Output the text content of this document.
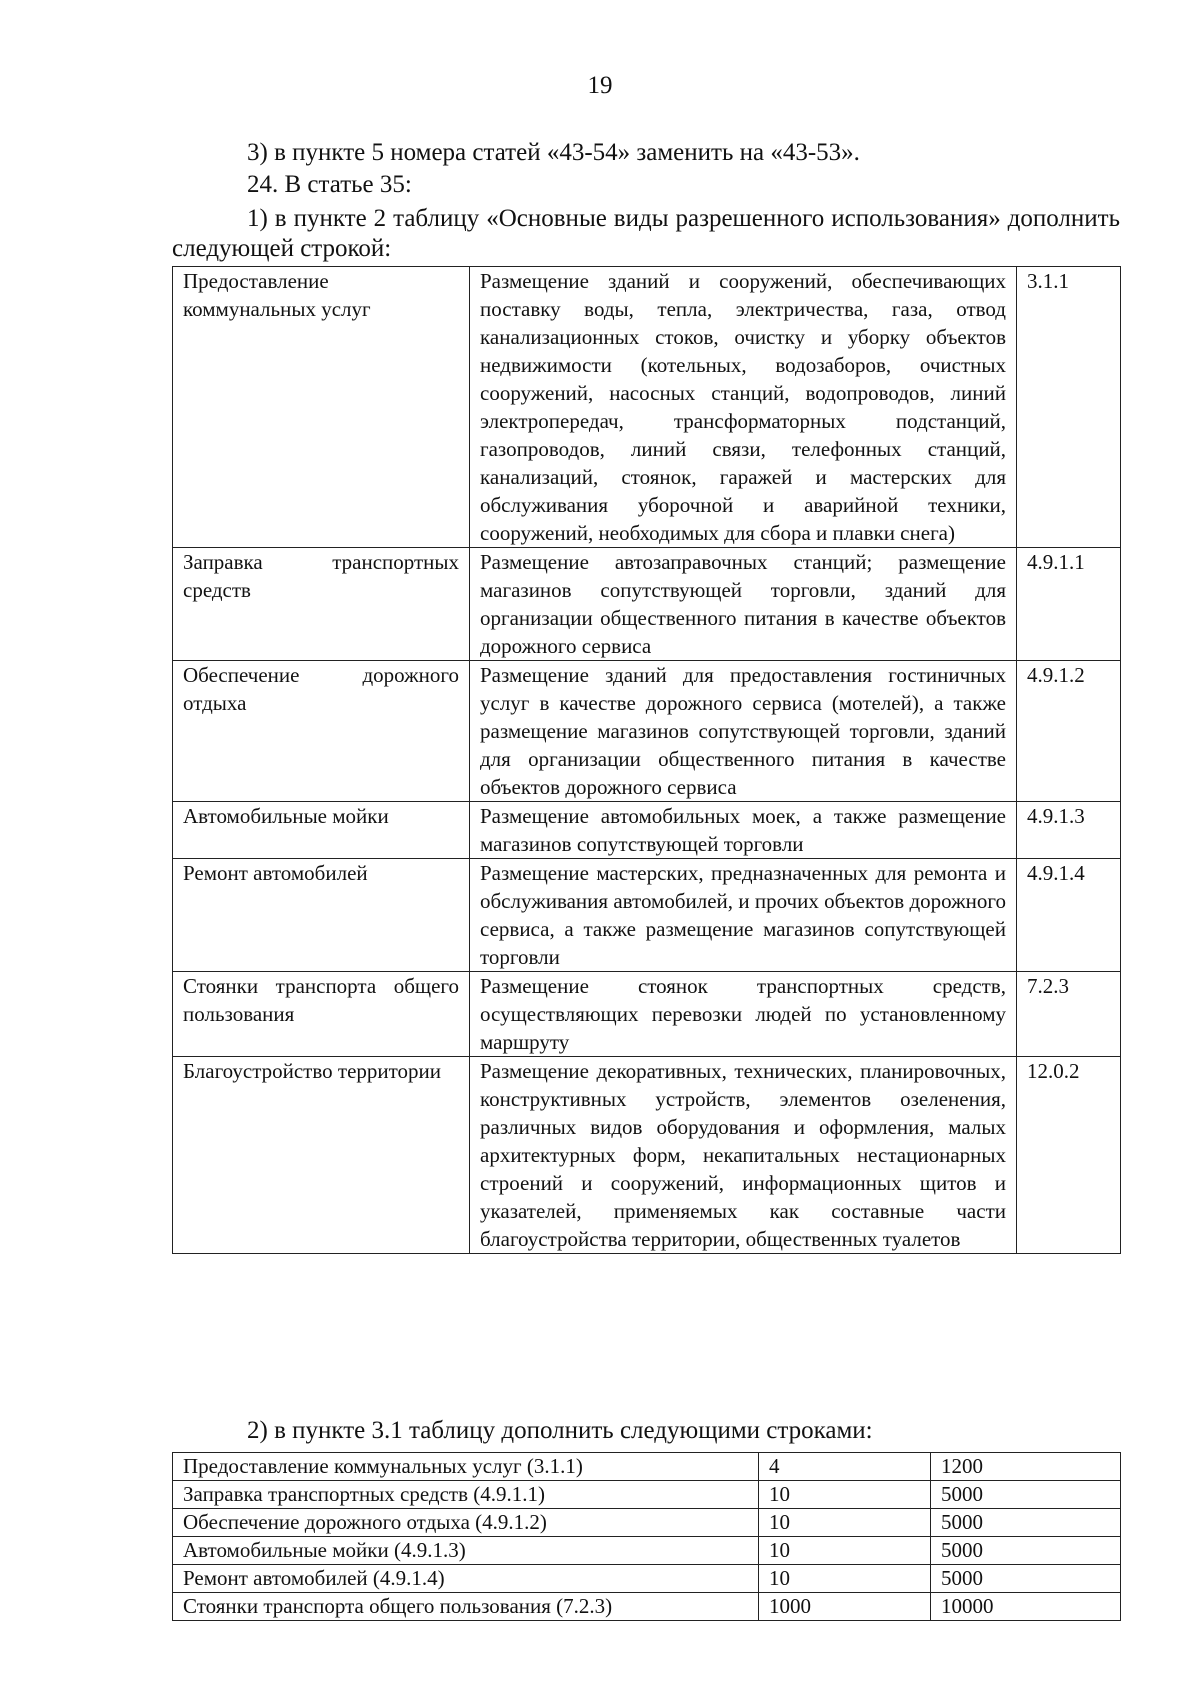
19
3) в пункте 5 номера статей «43-54» заменить на «43-53».
24. В статье 35:
1) в пункте 2 таблицу «Основные виды разрешенного использования» дополнить следующей строкой:
Предоставление коммунальных услуг	Размещение зданий и сооружений, обеспечивающих поставку воды, тепла, электричества, газа, отвод канализационных стоков, очистку и уборку объектов недвижимости (котельных, водозаборов, очистных сооружений, насосных станций, водопроводов, линий электропередач, трансформаторных подстанций, газопроводов, линий связи, телефонных станций, канализаций, стоянок, гаражей и мастерских для обслуживания уборочной и аварийной техники, сооружений, необходимых для сбора и плавки снега)	3.1.1
Заправка транспортных средств	Размещение автозаправочных станций; размещение магазинов сопутствующей торговли, зданий для организации общественного питания в качестве объектов дорожного сервиса	4.9.1.1
Обеспечение дорожного отдыха	Размещение зданий для предоставления гостиничных услуг в качестве дорожного сервиса (мотелей), а также размещение магазинов сопутствующей торговли, зданий для организации общественного питания в качестве объектов дорожного сервиса	4.9.1.2
Автомобильные мойки	Размещение автомобильных моек, а также размещение магазинов сопутствующей торговли	4.9.1.3
Ремонт автомобилей	Размещение мастерских, предназначенных для ремонта и обслуживания автомобилей, и прочих объектов дорожного сервиса, а также размещение магазинов сопутствующей торговли	4.9.1.4
Стоянки транспорта общего пользования	Размещение стоянок транспортных средств, осуществляющих перевозки людей по установленному маршруту	7.2.3
Благоустройство территории	Размещение декоративных, технических, планировочных, конструктивных устройств, элементов озеленения, различных видов оборудования и оформления, малых архитектурных форм, некапитальных нестационарных строений и сооружений, информационных щитов и указателей, применяемых как составные части благоустройства территории, общественных туалетов	12.0.2
2) в пункте 3.1 таблицу дополнить следующими строками:
Предоставление коммунальных услуг (3.1.1)	4	1200
Заправка транспортных средств (4.9.1.1)	10	5000
Обеспечение дорожного отдыха (4.9.1.2)	10	5000
Автомобильные мойки (4.9.1.3)	10	5000
Ремонт автомобилей (4.9.1.4)	10	5000
Стоянки транспорта общего пользования (7.2.3)	1000	10000
